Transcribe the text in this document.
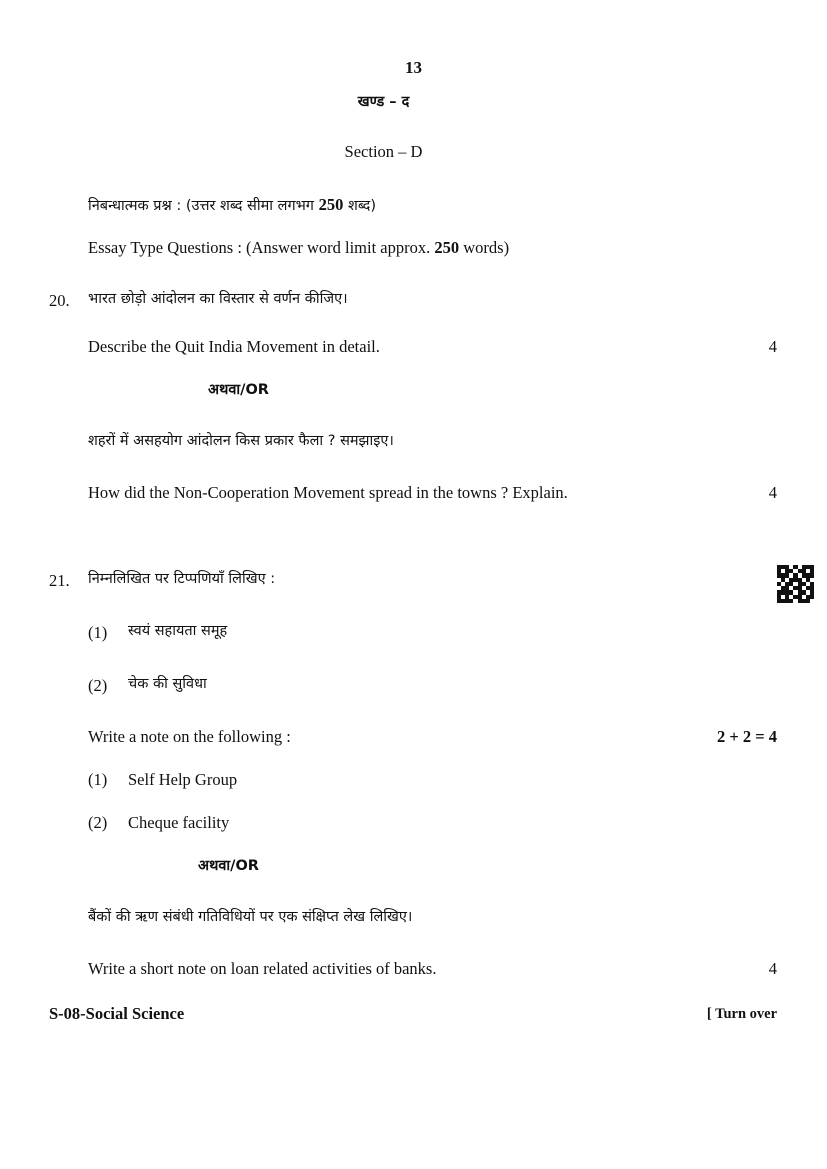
13
खण्ड – द
Section – D
निबन्धात्मक प्रश्न : (उत्तर शब्द सीमा लगभग 250 शब्द)
Essay Type Questions : (Answer word limit approx. 250 words)
20. भारत छोड़ो आंदोलन का विस्तार से वर्णन कीजिए।
Describe the Quit India Movement in detail.	4
अथवा/OR
शहरों में असहयोग आंदोलन किस प्रकार फैला ? समझाइए।
How did the Non-Cooperation Movement spread in the towns ? Explain.	4
21. निम्नलिखित पर टिप्पणियाँ लिखिए :
(1) स्वयं सहायता समूह
(2) चेक की सुविधा
Write a note on the following :	2 + 2 = 4
(1) Self Help Group
(2) Cheque facility
अथवा/OR
बैंकों की ऋण संबंधी गतिविधियों पर एक संक्षिप्त लेख लिखिए।
Write a short note on loan related activities of banks.	4
S-08-Social Science	[ Turn over
